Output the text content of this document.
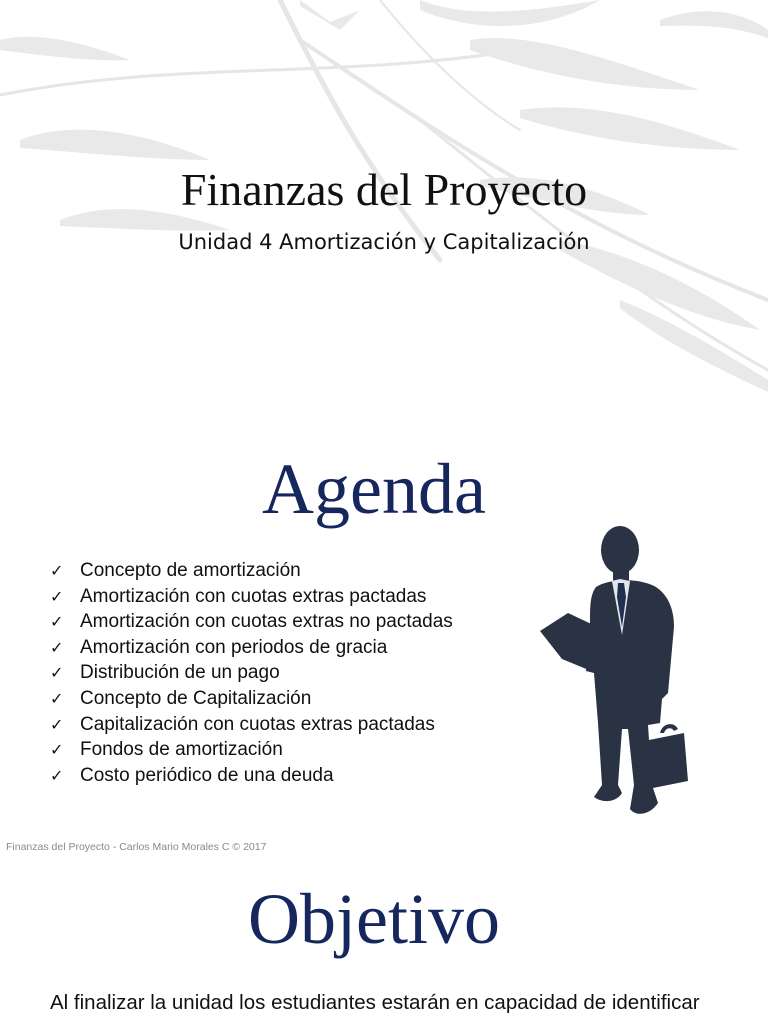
Finanzas del Proyecto
Unidad 4 Amortización y Capitalización
Agenda
✓ Concepto de amortización
✓ Amortización con cuotas extras pactadas
✓ Amortización con cuotas extras no pactadas
✓ Amortización con periodos de gracia
✓ Distribución de un pago
✓ Concepto de Capitalización
✓ Capitalización con cuotas extras pactadas
✓ Fondos de amortización
✓ Costo periódico de una deuda
Finanzas del Proyecto - Carlos Mario Morales C © 2017
Objetivo
Al finalizar la unidad los estudiantes estarán en capacidad de identificar
